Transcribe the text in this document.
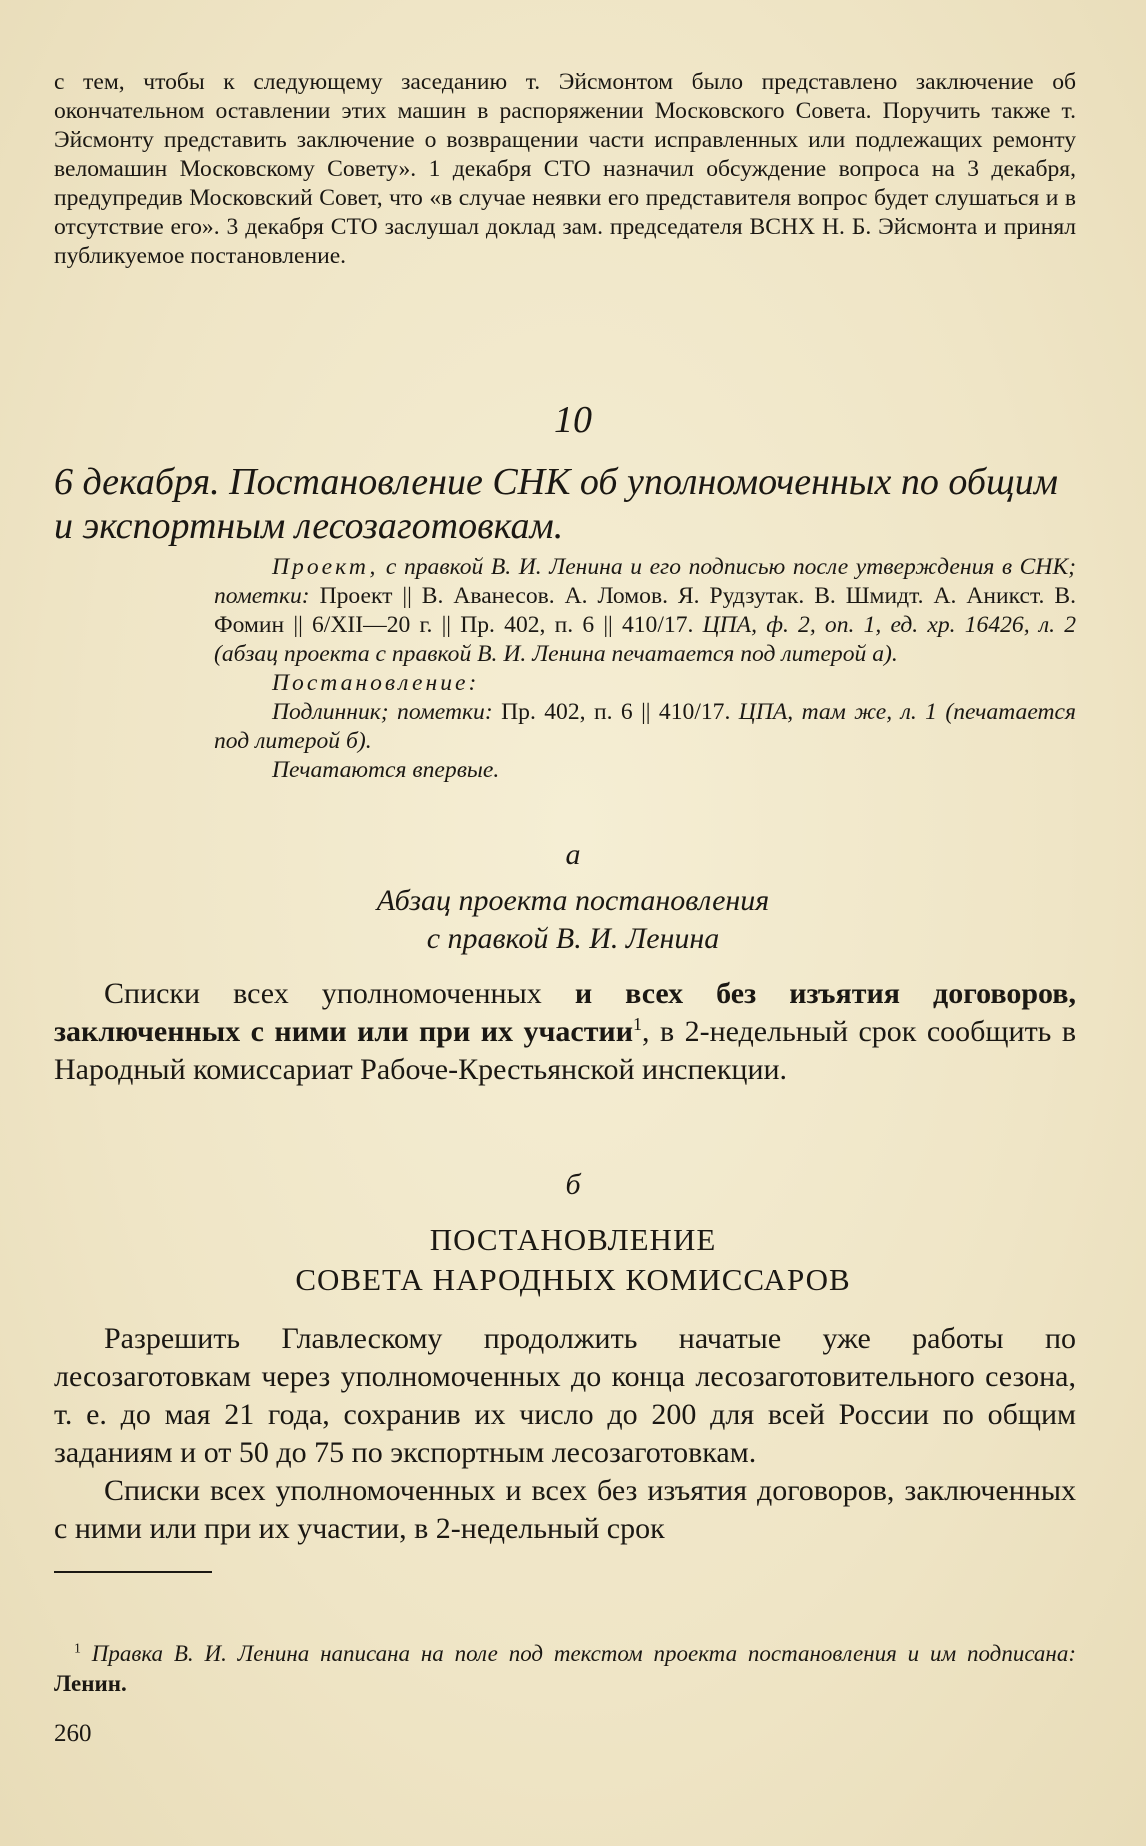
с тем, чтобы к следующему заседанию т. Эйсмонтом было представлено заключение об окончательном оставлении этих машин в распоряжении Московского Совета. Поручить также т. Эйсмонту представить заключение о возвращении части исправленных или подлежащих ремонту веломашин Московскому Совету». 1 декабря СТО назначил обсуждение вопроса на 3 декабря, предупредив Московский Совет, что «в случае неявки его представителя вопрос будет слушаться и в отсутствие его». 3 декабря СТО заслушал доклад зам. председателя ВСНХ Н. Б. Эйсмонта и принял публикуемое постановление.

10

6 декабря. Постановление СНК об уполномоченных по общим и экспортным лесозаготовкам.

Проект, с правкой В. И. Ленина и его подписью после утверждения в СНК; пометки: Проект || В. Аванесов. А. Ломов. Я. Рудзутак. В. Шмидт. А. Аникст. В. Фомин || 6/XII—20 г. || Пр. 402, п. 6 || 410/17. ЦПА, ф. 2, оп. 1, ед. хр. 16426, л. 2 (абзац проекта с правкой В. И. Ленина печатается под литерой а).

Постановление:

Подлинник; пометки: Пр. 402, п. 6 || 410/17. ЦПА, там же, л. 1 (печатается под литерой б).

Печатаются впервые.

а
Абзац проекта постановления
с правкой В. И. Ленина

Списки всех уполномоченных и всех без изъятия договоров, заключенных с ними или при их участии$^1$, в 2-недельный срок сообщить в Народный комиссариат Рабоче-Крестьянской инспекции.

б
ПОСТАНОВЛЕНИЕ
СОВЕТА НАРОДНЫХ КОМИССАРОВ

Разрешить Главлескому продолжить начатые уже работы по лесозаготовкам через уполномоченных до конца лесозаготовительного сезона, т. е. до мая 21 года, сохранив их число до 200 для всей России по общим заданиям и от 50 до 75 по экспортным лесозаготовкам.

Списки всех уполномоченных и всех без изъятия договоров, заключенных с ними или при их участии, в 2-недельный срок

$^1$ Правка В. И. Ленина написана на поле под текстом проекта постановления и им подписана: Ленин.

260
